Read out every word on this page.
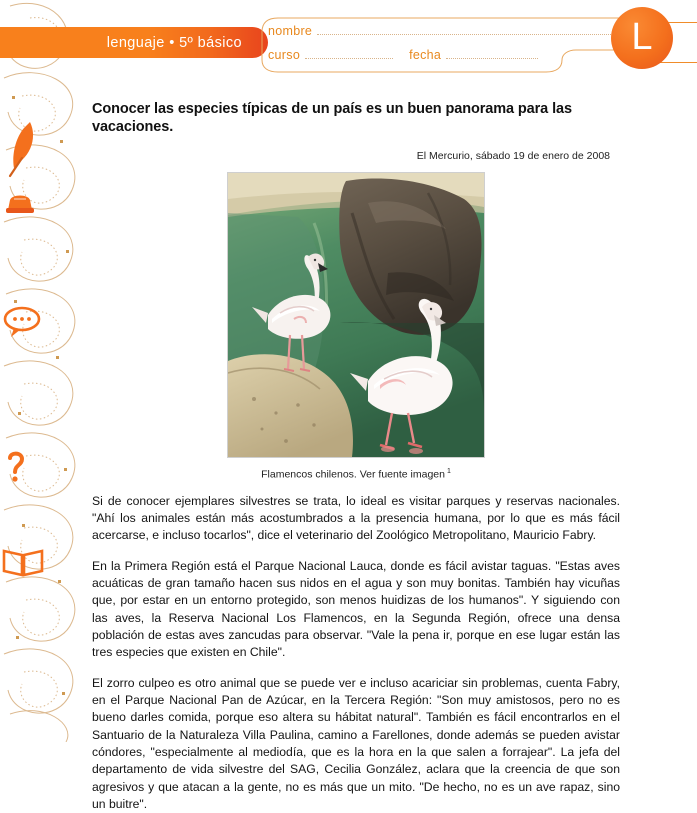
lenguaje • 5º básico
nombre
curso	fecha	L
Conocer las especies típicas de un país es un buen panorama para las vacaciones.
El Mercurio, sábado 19 de enero de 2008
Flamencos chilenos. Ver fuente imagen $^1$

Si de conocer ejemplares silvestres se trata, lo ideal es visitar parques y reservas nacionales. "Ahí los animales están más acostumbrados a la presencia humana, por lo que es más fácil acercarse, e incluso tocarlos", dice el veterinario del Zoológico Metropolitano, Mauricio Fabry.

En la Primera Región está el Parque Nacional Lauca, donde es fácil avistar taguas. "Estas aves acuáticas de gran tamaño hacen sus nidos en el agua y son muy bonitas. También hay vicuñas que, por estar en un entorno protegido, son menos huidizas de los humanos". Y siguiendo con las aves, la Reserva Nacional Los Flamencos, en la Segunda Región, ofrece una densa población de estas aves zancudas para observar. "Vale la pena ir, porque en ese lugar están las tres especies que existen en Chile".

El zorro culpeo es otro animal que se puede ver e incluso acariciar sin problemas, cuenta Fabry, en el Parque Nacional Pan de Azúcar, en la Tercera Región: "Son muy amistosos, pero no es bueno darles comida, porque eso altera su hábitat natural". También es fácil encontrarlos en el Santuario de la Naturaleza Villa Paulina, camino a Farellones, donde además se pueden avistar cóndores, "especialmente al mediodía, que es la hora en la que salen a forrajear". La jefa del departamento de vida silvestre del SAG, Cecilia González, aclara que la creencia de que son agresivos y que atacan a la gente, no es más que un mito. "De hecho, no es un ave rapaz, sino un buitre".
